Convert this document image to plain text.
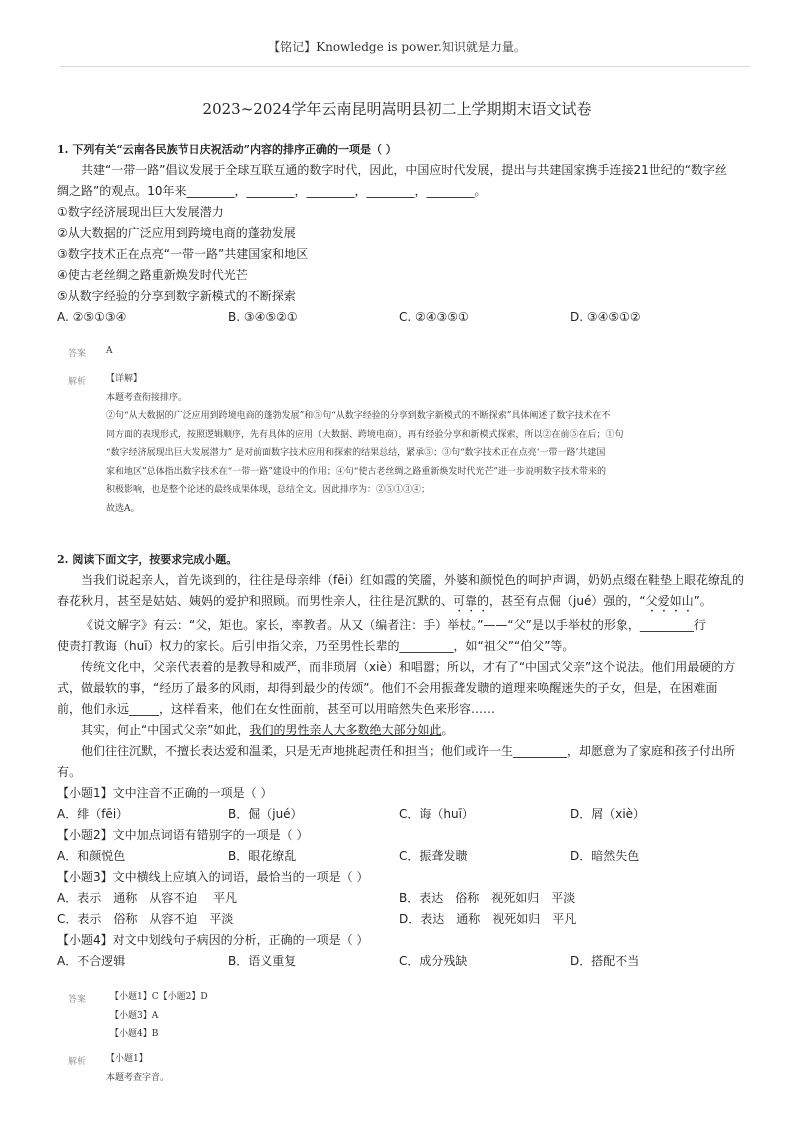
【铭记】Knowledge is power.知识就是力量。
2023~2024学年云南昆明嵩明县初二上学期期末语文试卷

1. 下列有关“云南各民族节日庆祝活动”内容的排序正确的一项是（ ）

共建“一带一路”倡议发展于全球互联互通的数字时代，因此，中国应时代发展，提出与共建国家携手连接21世纪的“数字丝

绸之路”的观点。10年来________，________，________，________，________。

①数字经济展现出巨大发展潜力

②从大数据的广泛应用到跨境电商的蓬勃发展

③数字技术正在点亮“一带一路”共建国家和地区

④使古老丝绸之路重新焕发时代光芒

⑤从数字经验的分享到数字新模式的不断探索

A. ②⑤①③④	B. ③④⑤②①	C. ②④③⑤①	D. ③④⑤①②
答案 A

解析 【详解】

本题考查衔接排序。

②句“从大数据的广泛应用到跨境电商的蓬勃发展”和⑤句“从数字经验的分享到数字新模式的不断探索”具体阐述了数字技术在不

同方面的表现形式，按照逻辑顺序，先有具体的应用（大数据、跨境电商），再有经验分享和新模式探索，所以②在前⑤在后；①句

“数字经济展现出巨大发展潜力” 是对前面数字技术应用和探索的结果总结，紧承⑤；③句“数字技术正在点亮‘一带一路’共建国

家和地区”总体指出数字技术在“一带一路”建设中的作用；④句“使古老丝绸之路重新焕发时代光芒”进一步说明数字技术带来的

积极影响，也是整个论述的最终成果体现，总结全文。因此排序为：②⑤①③④；

故选A。

2. 阅读下面文字，按要求完成小题。

当我们说起亲人，首先谈到的，往往是母亲绯（fēi）红如霞的笑靥，外婆和颜悦色的呵护声调，奶奶点缀在鞋垫上眼花缭乱的

春花秋月，甚至是姑姑、姨妈的爱护和照顾。而男性亲人，往往是沉默的、可靠的，甚至有点倔（jué）强的，“父爱如山”。

《说文解字》有云：“父，矩也。家长，率教者。从又（编者注：手）举杖。”——“父”是以手举杖的形象，_________行

使责打教诲（huī）权力的家长。后引申指父亲，乃至男性长辈的_________，如“祖父”“伯父”等。

传统文化中，父亲代表着的是教导和威严，而非琐屑（xiè）和唱嚣；所以，才有了“中国式父亲”这个说法。他们用最硬的方

式，做最软的事，“经历了最多的风雨，却得到最少的传颂”。他们不会用振聋发聩的道理来唤醒迷失的子女，但是，在困难面

前，他们永远_____，这样看来，他们在女性面前，甚至可以用暗然失色来形容……

其实，何止“中国式父亲”如此，我们的男性亲人大多数绝大部分如此。

他们往往沉默，不擅长表达爱和温柔，只是无声地挑起责任和担当；他们或许一生_________，却愿意为了家庭和孩子付出所

有。

【小题1】文中注音不正确的一项是（ ）

A．绯（fēi）	B．倔（jué）	C．诲（huī）	D．屑（xiè）

【小题2】文中加点词语有错别字的一项是（ ）

A．和颜悦色	B．眼花缭乱	C．振聋发聩	D．暗然失色

【小题3】文中横线上应填入的词语，最恰当的一项是（ ）

A．表示　通称　从容不迫　 平凡	B．表达　俗称　视死如归　平淡
C．表示　俗称　从容不迫　平淡	D．表达　通称　视死如归　平凡

【小题4】对文中划线句子病因的分析，正确的一项是（ ）

A．不合逻辑	B．语义重复	C．成分残缺	D．搭配不当
答案	【小题1】C【小题2】D

【小题3】A

【小题4】B

解析 【小题1】

本题考查字音。
